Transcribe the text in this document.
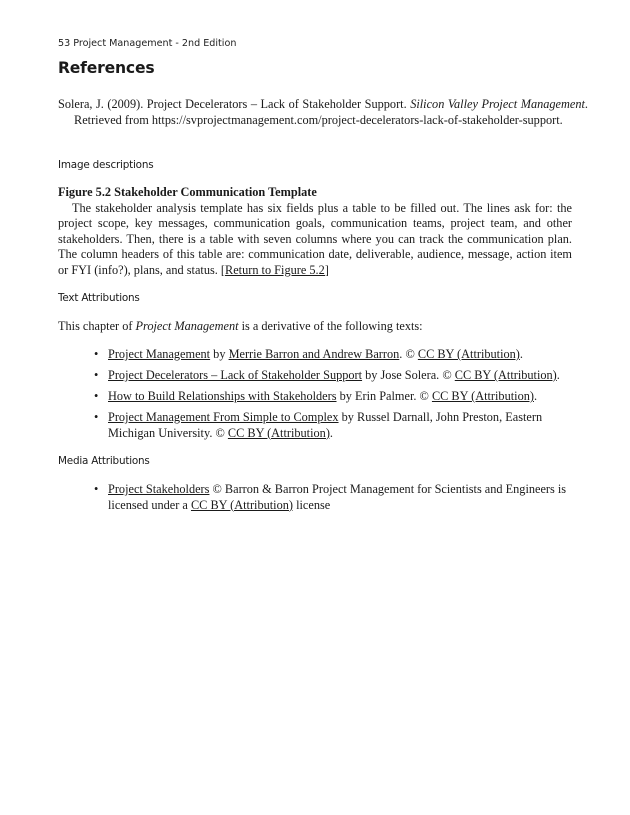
53 Project Management - 2nd Edition
References
Solera, J. (2009). Project Decelerators – Lack of Stakeholder Support. Silicon Valley Project Management. Retrieved from https://svprojectmanagement.com/project-decelerators-lack-of-stakeholder-support.
Image descriptions
Figure 5.2 Stakeholder Communication Template
The stakeholder analysis template has six fields plus a table to be filled out. The lines ask for: the project scope, key messages, communication goals, communication teams, project team, and other stakeholders. Then, there is a table with seven columns where you can track the communication plan. The column headers of this table are: communication date, deliverable, audience, message, action item or FYI (info?), plans, and status. [Return to Figure 5.2]
Text Attributions
This chapter of Project Management is a derivative of the following texts:
• Project Management by Merrie Barron and Andrew Barron. © CC BY (Attribution).
• Project Decelerators – Lack of Stakeholder Support by Jose Solera. © CC BY (Attribution).
• How to Build Relationships with Stakeholders by Erin Palmer. © CC BY (Attribution).
• Project Management From Simple to Complex by Russel Darnall, John Preston, Eastern Michigan University. © CC BY (Attribution).
Media Attributions
• Project Stakeholders © Barron & Barron Project Management for Scientists and Engineers is licensed under a CC BY (Attribution) license
